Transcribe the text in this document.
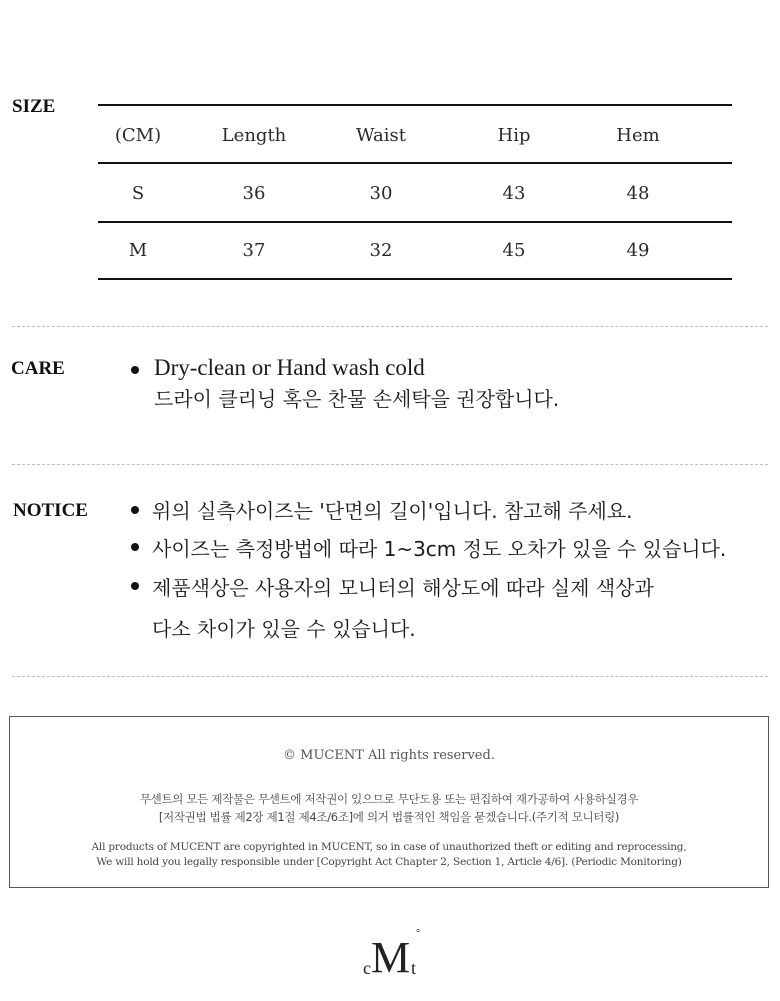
SIZE
(CM)	Length	Waist	Hip	Hem
S	36	30	43	48
M	37	32	45	49
CARE	Dry-clean or Hand wash cold
드라이 클리닝 혹은 찬물 손세탁을 권장합니다.
NOTICE	위의 실측사이즈는 '단면의 길이'입니다. 참고해 주세요.
사이즈는 측정방법에 따라 1~3cm 정도 오차가 있을 수 있습니다.
제품색상은 사용자의 모니터의 해상도에 따라 실제 색상과
다소 차이가 있을 수 있습니다.
© MUCENT All rights reserved.
무센트의 모든 제작물은 무센트에 저작권이 있으므로 무단도용 또는 편집하여 재가공하여 사용하실경우
[저작권법 법률 제2장 제1절 제4조/6조]에 의거 법률적인 책임을 묻겠습니다.(주기적 모니터링)
All products of MUCENT are copyrighted in MUCENT, so in case of unauthorized theft or editing and reprocessing,
We will hold you legally responsible under [Copyright Act Chapter 2, Section 1, Article 4/6]. (Periodic Monitoring)
c M t
°
